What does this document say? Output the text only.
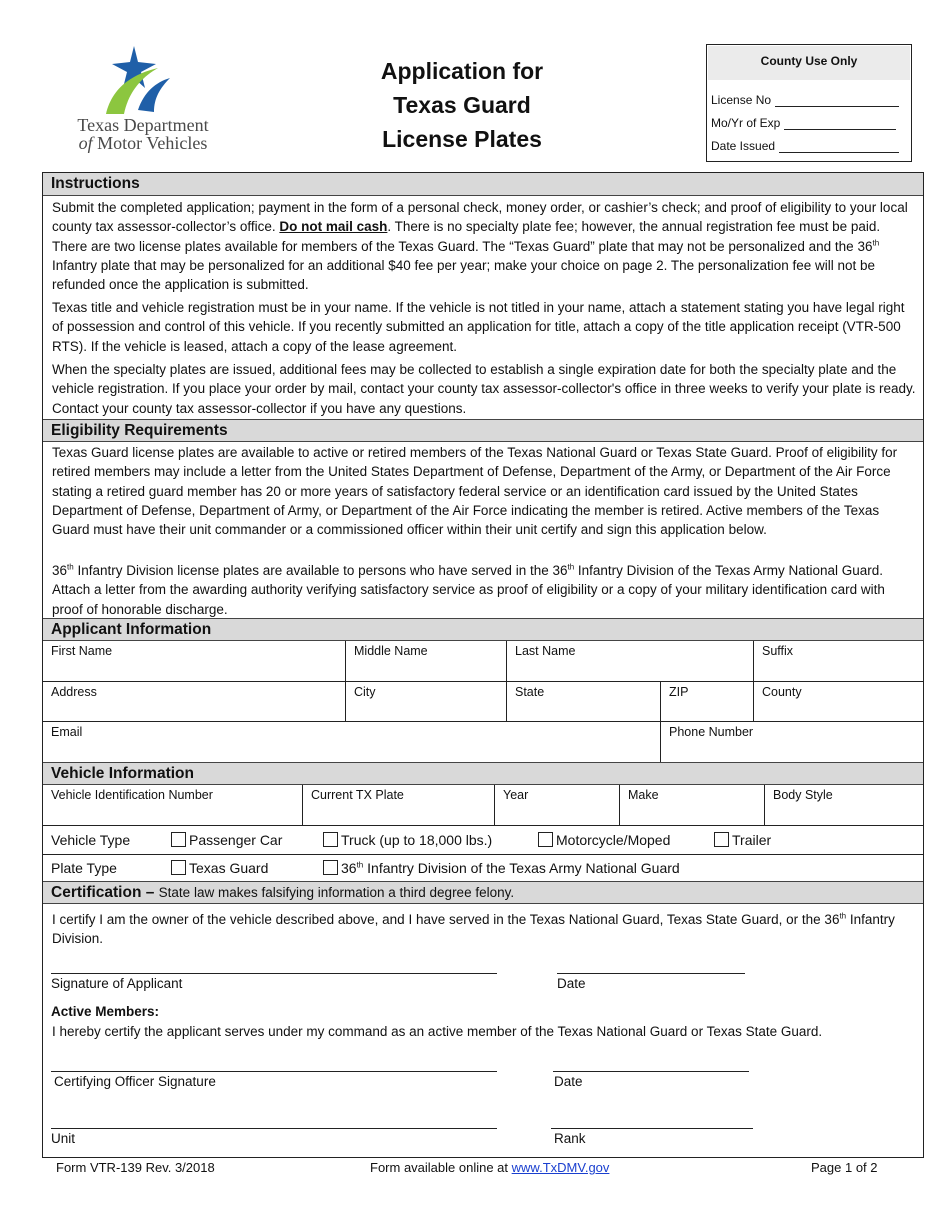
Texas Department
of Motor Vehicles
Application for
Texas Guard
License Plates
County Use Only
License No
Mo/Yr of Exp
Date Issued
Instructions
Submit the completed application; payment in the form of a personal check, money order, or cashier’s check; and proof of eligibility to your local county tax assessor-collector’s office. Do not mail cash. There is no specialty plate fee; however, the annual registration fee must be paid. There are two license plates available for members of the Texas Guard. The “Texas Guard” plate that may not be personalized and the 36th Infantry plate that may be personalized for an additional $40 fee per year; make your choice on page 2. The personalization fee will not be refunded once the application is submitted.
Texas title and vehicle registration must be in your name. If the vehicle is not titled in your name, attach a statement stating you have legal right of possession and control of this vehicle. If you recently submitted an application for title, attach a copy of the title application receipt (VTR-500 RTS). If the vehicle is leased, attach a copy of the lease agreement.
When the specialty plates are issued, additional fees may be collected to establish a single expiration date for both the specialty plate and the vehicle registration. If you place your order by mail, contact your county tax assessor-collector's office in three weeks to verify your plate is ready. Contact your county tax assessor-collector if you have any questions.
Eligibility Requirements
Texas Guard license plates are available to active or retired members of the Texas National Guard or Texas State Guard. Proof of eligibility for retired members may include a letter from the United States Department of Defense, Department of the Army, or Department of the Air Force stating a retired guard member has 20 or more years of satisfactory federal service or an identification card issued by the United States Department of Defense, Department of Army, or Department of the Air Force indicating the member is retired. Active members of the Texas Guard must have their unit commander or a commissioned officer within their unit certify and sign this application below.
36th Infantry Division license plates are available to persons who have served in the 36th Infantry Division of the Texas Army National Guard. Attach a letter from the awarding authority verifying satisfactory service as proof of eligibility or a copy of your military identification card with proof of honorable discharge.
Applicant Information
First Name	Middle Name	Last Name	Suffix
Address	City	State	ZIP	County
Email	Phone Number
Vehicle Information
Vehicle Identification Number	Current TX Plate	Year	Make	Body Style
Vehicle Type	Passenger Car	Truck (up to 18,000 lbs.)	Motorcycle/Moped	Trailer
Plate Type	Texas Guard	36th Infantry Division of the Texas Army National Guard
Certification – State law makes falsifying information a third degree felony.
I certify I am the owner of the vehicle described above, and I have served in the Texas National Guard, Texas State Guard, or the 36th Infantry Division.
Signature of Applicant	Date
Active Members:
I hereby certify the applicant serves under my command as an active member of the Texas National Guard or Texas State Guard.
Certifying Officer Signature	Date
Unit	Rank
Form VTR-139 Rev. 3/2018	Form available online at www.TxDMV.gov	Page 1 of 2
